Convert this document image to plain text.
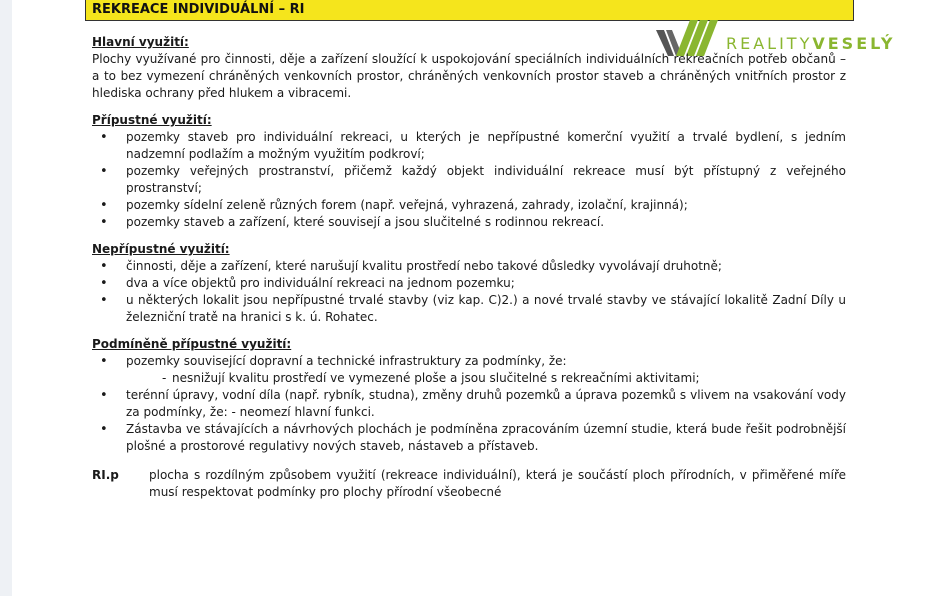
REKREACE INDIVIDUÁLNÍ – RI
REALITYVESELÝ

Hlavní využití:

Plochy využívané pro činnosti, děje a zařízení sloužící k uspokojování speciálních individuálních rekreačních potřeb občanů – a to bez vymezení chráněných venkovních prostor, chráněných venkovních prostor staveb a chráněných vnitřních prostor z hlediska ochrany před hlukem a vibracemi.

Přípustné využití:

• pozemky staveb pro individuální rekreaci, u kterých je nepřípustné komerční využití a trvalé bydlení, s jedním nadzemní podlažím a možným využitím podkroví;
• pozemky veřejných prostranství, přičemž každý objekt individuální rekreace musí být přístupný z veřejného prostranství;
• pozemky sídelní zeleně různých forem (např. veřejná, vyhrazená, zahrady, izolační, krajinná);
• pozemky staveb a zařízení, které souvisejí a jsou slučitelné s rodinnou rekreací.

Nepřípustné využití:

• činnosti, děje a zařízení, které narušují kvalitu prostředí nebo takové důsledky vyvolávají druhotně;
• dva a více objektů pro individuální rekreaci na jednom pozemku;
• u některých lokalit jsou nepřípustné trvalé stavby (viz kap. C)2.) a nové trvalé stavby ve stávající lokalitě Zadní Díly u železniční tratě na hranici s k. ú. Rohatec.

Podmíněně přípustné využití:

• pozemky související dopravní a technické infrastruktury za podmínky, že:
- nesnižují kvalitu prostředí ve vymezené ploše a jsou slučitelné s rekreačními aktivitami;
• terénní úpravy, vodní díla (např. rybník, studna), změny druhů pozemků a úprava pozemků s vlivem na vsakování vody za podmínky, že: - neomezí hlavní funkci.
• Zástavba ve stávajících a návrhových plochách je podmíněna zpracováním územní studie, která bude řešit podrobnější plošné a prostorové regulativy nových staveb, nástaveb a přístaveb.
RI.p	plocha s rozdílným způsobem využití (rekreace individuální), která je součástí ploch přírodních, v přiměřené míře musí respektovat podmínky pro plochy přírodní všeobecné
